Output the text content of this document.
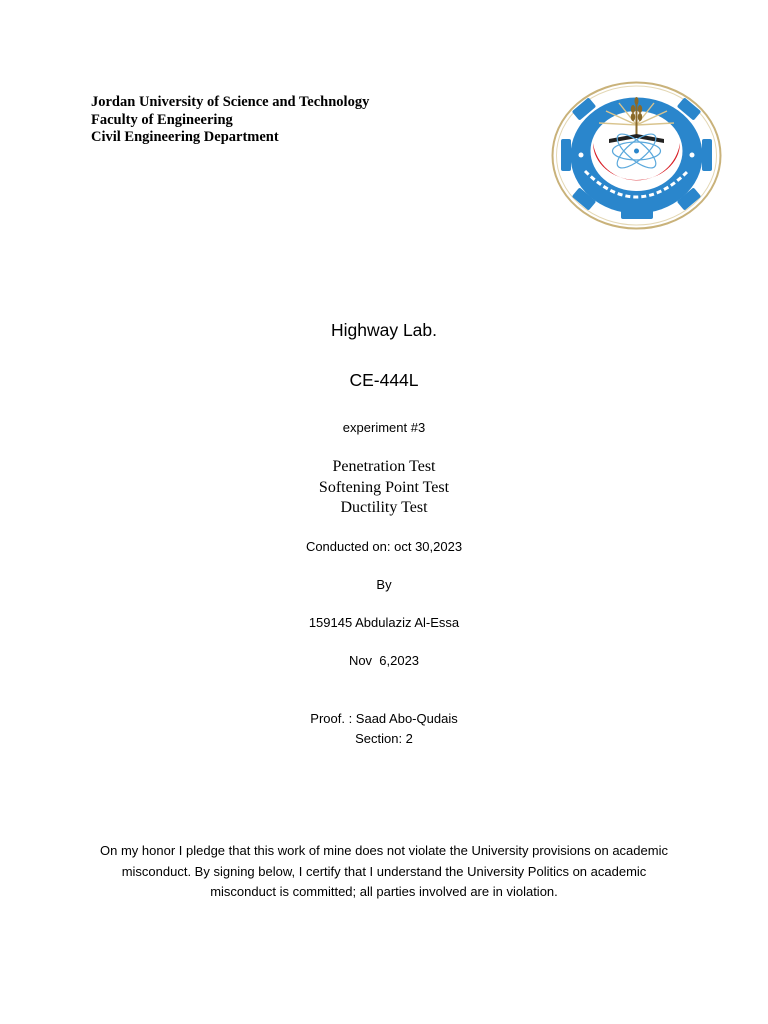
Jordan University of Science and Technology
Faculty of Engineering
Civil Engineering Department
Highway Lab.
CE-444L
experiment #3
Penetration Test
Softening Point Test
Ductility Test
Conducted on: oct 30,2023
By
159145 Abdulaziz Al-Essa
Nov  6,2023
Proof. : Saad Abo-Qudais
Section: 2
On my honor I pledge that this work of mine does not violate the University provisions on academic misconduct. By signing below, I certify that I understand the University Politics on academic misconduct is committed; all parties involved are in violation.
